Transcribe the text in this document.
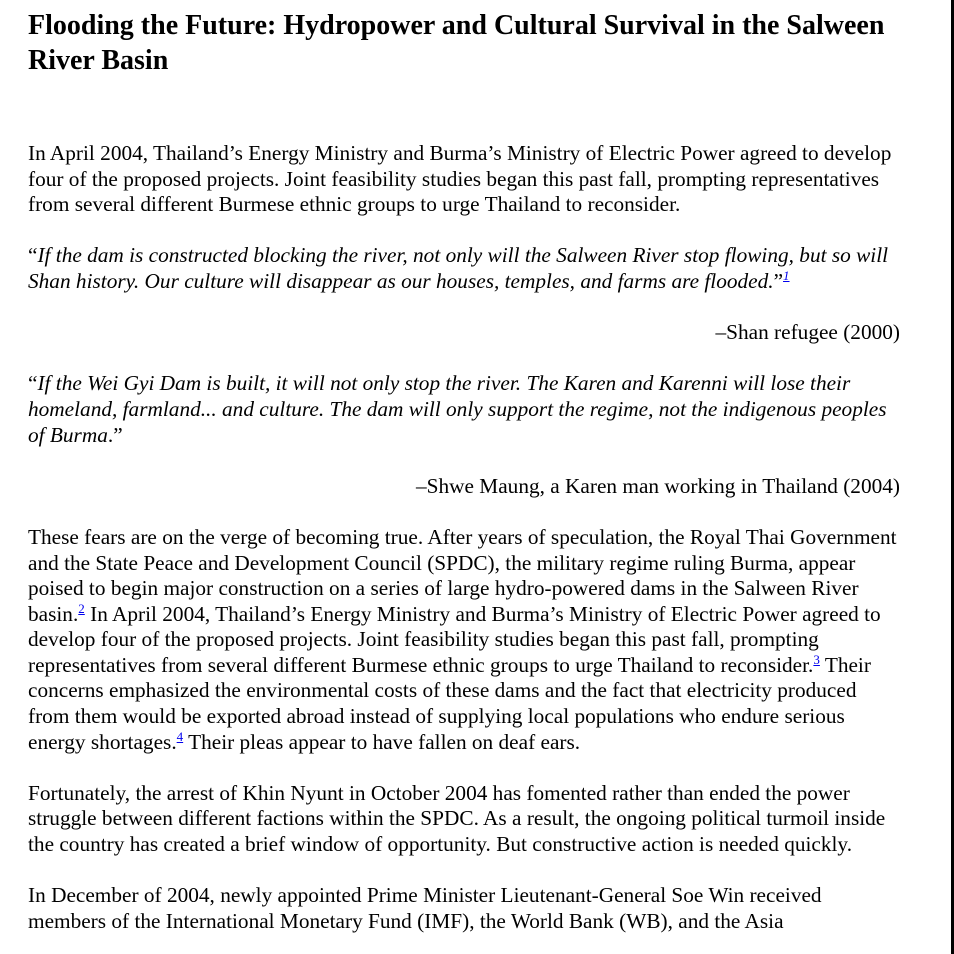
Flooding the Future: Hydropower and Cultural Survival in the Salween River Basin

In April 2004, Thailand’s Energy Ministry and Burma’s Ministry of Electric Power agreed to develop four of the proposed projects. Joint feasibility studies began this past fall, prompting representatives from several different Burmese ethnic groups to urge Thailand to reconsider.

“If the dam is constructed blocking the river, not only will the Salween River stop flowing, but so will Shan history. Our culture will disappear as our houses, temples, and farms are flooded.”$^1$

–Shan refugee (2000)

“If the Wei Gyi Dam is built, it will not only stop the river. The Karen and Karenni will lose their homeland, farmland... and culture. The dam will only support the regime, not the indigenous peoples of Burma.”

–Shwe Maung, a Karen man working in Thailand (2004)

These fears are on the verge of becoming true. After years of speculation, the Royal Thai Government and the State Peace and Development Council (SPDC), the military regime ruling Burma, appear poised to begin major construction on a series of large hydro-powered dams in the Salween River basin.$^2$ In April 2004, Thailand’s Energy Ministry and Burma’s Ministry of Electric Power agreed to develop four of the proposed projects. Joint feasibility studies began this past fall, prompting representatives from several different Burmese ethnic groups to urge Thailand to reconsider.$^3$ Their concerns emphasized the environmental costs of these dams and the fact that electricity produced from them would be exported abroad instead of supplying local populations who endure serious energy shortages.$^4$ Their pleas appear to have fallen on deaf ears.

Fortunately, the arrest of Khin Nyunt in October 2004 has fomented rather than ended the power struggle between different factions within the SPDC. As a result, the ongoing political turmoil inside the country has created a brief window of opportunity. But constructive action is needed quickly.

In December of 2004, newly appointed Prime Minister Lieutenant-General Soe Win received members of the International Monetary Fund (IMF), the World Bank (WB), and the Asia
